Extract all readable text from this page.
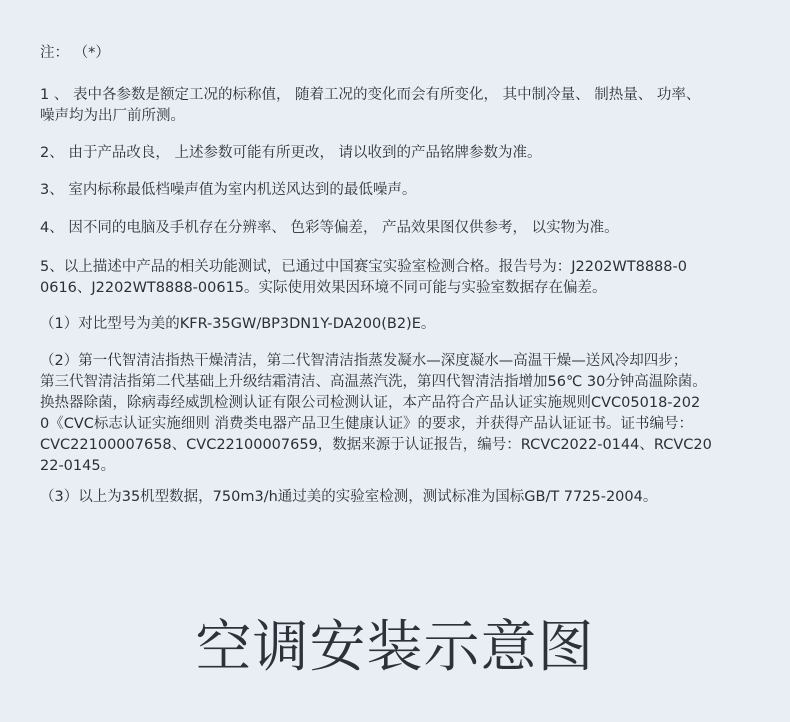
注： （*）

1 、 表中各参数是额定工况的标称值， 随着工况的变化而会有所变化， 其中制冷量、 制热量、 功率、
噪声均为出厂前所测。

2、 由于产品改良， 上述参数可能有所更改， 请以收到的产品铭牌参数为准。

3、 室内标称最低档噪声值为室内机送风达到的最低噪声。

4、 因不同的电脑及手机存在分辨率、 色彩等偏差， 产品效果图仅供参考， 以实物为准。

5、以上描述中产品的相关功能测试，已通过中国赛宝实验室检测合格。报告号为：J2202WT8888-0
0616、J2202WT8888-00615。实际使用效果因环境不同可能与实验室数据存在偏差。

（1）对比型号为美的KFR-35GW/BP3DN1Y-DA200(B2)E。

（2）第一代智清洁指热干燥清洁，第二代智清洁指蒸发凝水—深度凝水—高温干燥—送风冷却四步；
第三代智清洁指第二代基础上升级结霜清洁、高温蒸汽洗，第四代智清洁指增加56℃ 30分钟高温除菌。
换热器除菌，除病毒经威凯检测认证有限公司检测认证，本产品符合产品认证实施规则CVC05018-202
0《CVC标志认证实施细则 消费类电器产品卫生健康认证》的要求，并获得产品认证证书。证书编号：
CVC22100007658、CVC22100007659，数据来源于认证报告，编号：RCVC2022-0144、RCVC20
22-0145。

（3）以上为35机型数据，750m3/h通过美的实验室检测，测试标准为国标GB/T 7725-2004。

空调安装示意图
